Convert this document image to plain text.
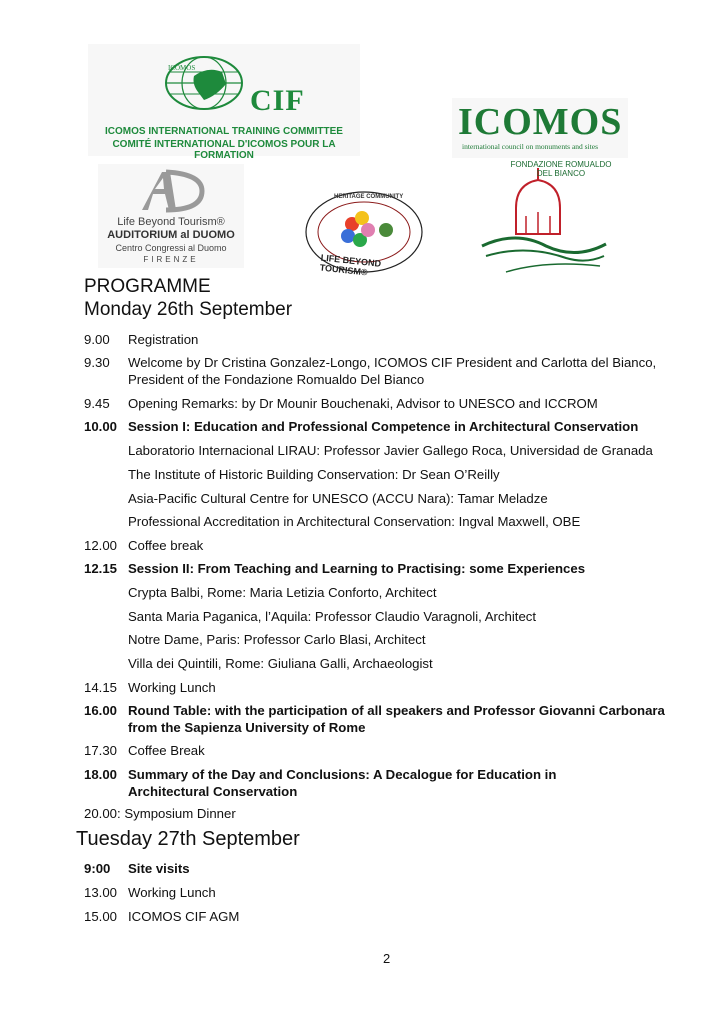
ICOMOS
CIF
ICOMOS INTERNATIONAL TRAINING COMMITTEE
COMITÉ INTERNATIONAL D'ICOMOS POUR LA FORMATION
ICOMOS
international council on monuments and sites
Life Beyond Tourism®
AUDITORIUM al DUOMO
Centro Congressi al Duomo
FIRENZE
HERITAGE COMMUNITY
LIFE BEYOND TOURISM®
FONDAZIONE ROMUALDO DEL BIANCO
PROGRAMME
Monday 26th September
9.00 Registration
9.30 Welcome by Dr Cristina Gonzalez-Longo, ICOMOS CIF President and Carlotta del Bianco, President of the Fondazione Romualdo Del Bianco
9.45 Opening Remarks: by Dr Mounir Bouchenaki, Advisor to UNESCO and ICCROM
10.00 Session I: Education and Professional Competence in Architectural Conservation
Laboratorio Internacional LIRAU: Professor Javier Gallego Roca, Universidad de Granada
The Institute of Historic Building Conservation: Dr Sean O’Reilly
Asia-Pacific Cultural Centre for UNESCO (ACCU Nara): Tamar Meladze
Professional Accreditation in Architectural Conservation: Ingval Maxwell, OBE
12.00 Coffee break
12.15 Session II: From Teaching and Learning to Practising: some Experiences
Crypta Balbi, Rome: Maria Letizia Conforto, Architect
Santa Maria Paganica, l’Aquila: Professor Claudio Varagnoli, Architect
Notre Dame, Paris: Professor Carlo Blasi, Architect
Villa dei Quintili, Rome: Giuliana Galli, Archaeologist
14.15 Working Lunch
16.00 Round Table: with the participation of all speakers and Professor Giovanni Carbonara from the Sapienza University of Rome
17.30 Coffee Break
18.00 Summary of the Day and Conclusions: A Decalogue for Education in Architectural Conservation
20.00: Symposium Dinner
Tuesday 27th September
9:00 Site visits
13.00 Working Lunch
15.00 ICOMOS CIF AGM
2
